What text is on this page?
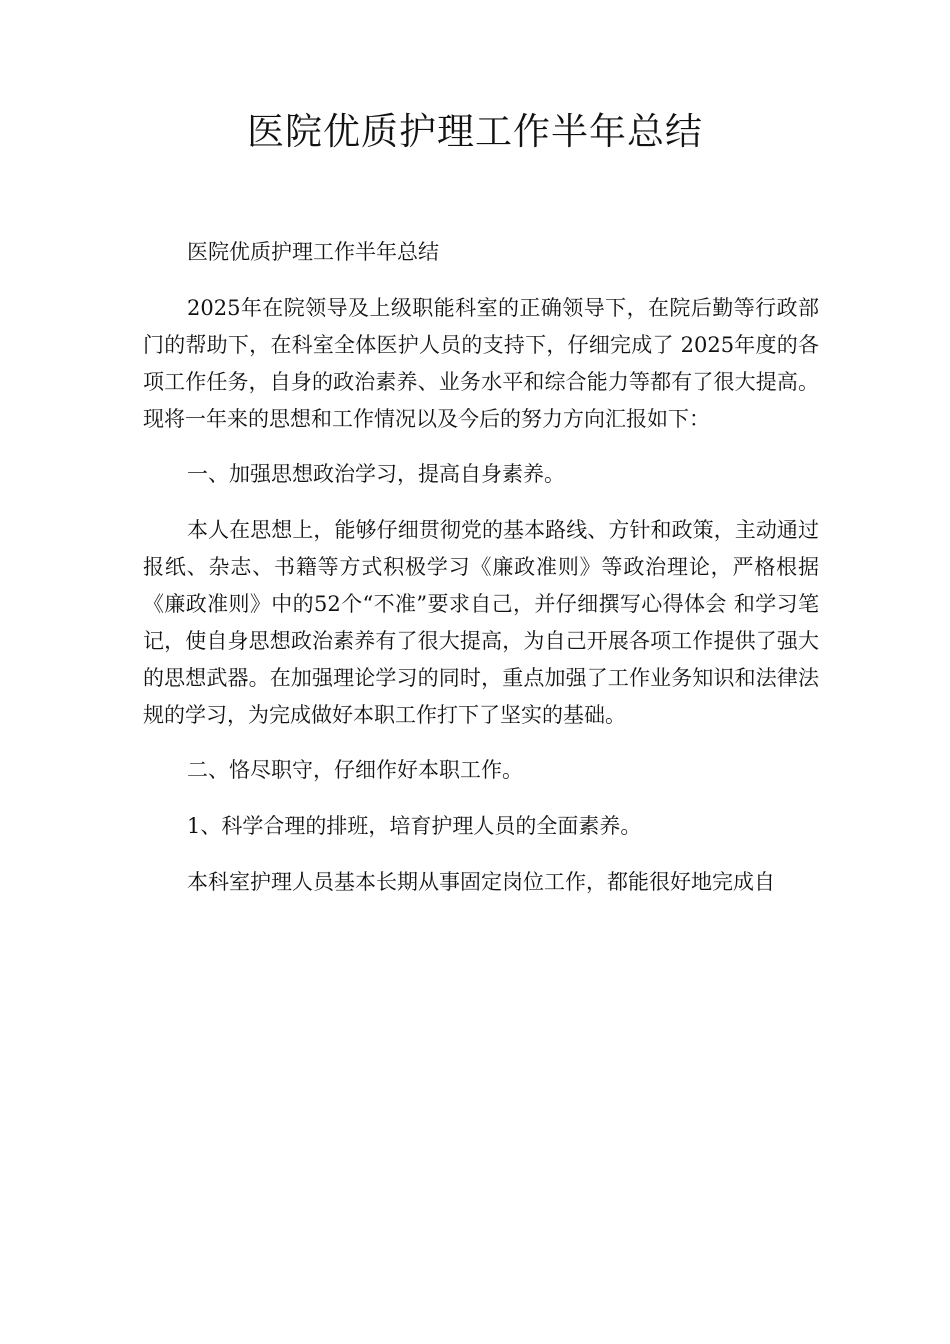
医院优质护理工作半年总结

医院优质护理工作半年总结

2025年在院领导及上级职能科室的正确领导下，在院后勤等行政部门的帮助下，在科室全体医护人员的支持下，仔细完成了 2025年度的各项工作任务，自身的政治素养、业务水平和综合能力等都有了很大提高。现将一年来的思想和工作情况以及今后的努力方向汇报如下：

一、加强思想政治学习，提高自身素养。

本人在思想上，能够仔细贯彻党的基本路线、方针和政策，主动通过报纸、杂志、书籍等方式积极学习《廉政准则》等政治理论，严格根据《廉政准则》中的52个“不准”要求自己，并仔细撰写心得体会 和学习笔记，使自身思想政治素养有了很大提高，为自己开展各项工作提供了强大的思想武器。在加强理论学习的同时，重点加强了工作业务知识和法律法规的学习，为完成做好本职工作打下了坚实的基础。

二、恪尽职守，仔细作好本职工作。

1、科学合理的排班，培育护理人员的全面素养。

本科室护理人员基本长期从事固定岗位工作，都能很好地完成自
